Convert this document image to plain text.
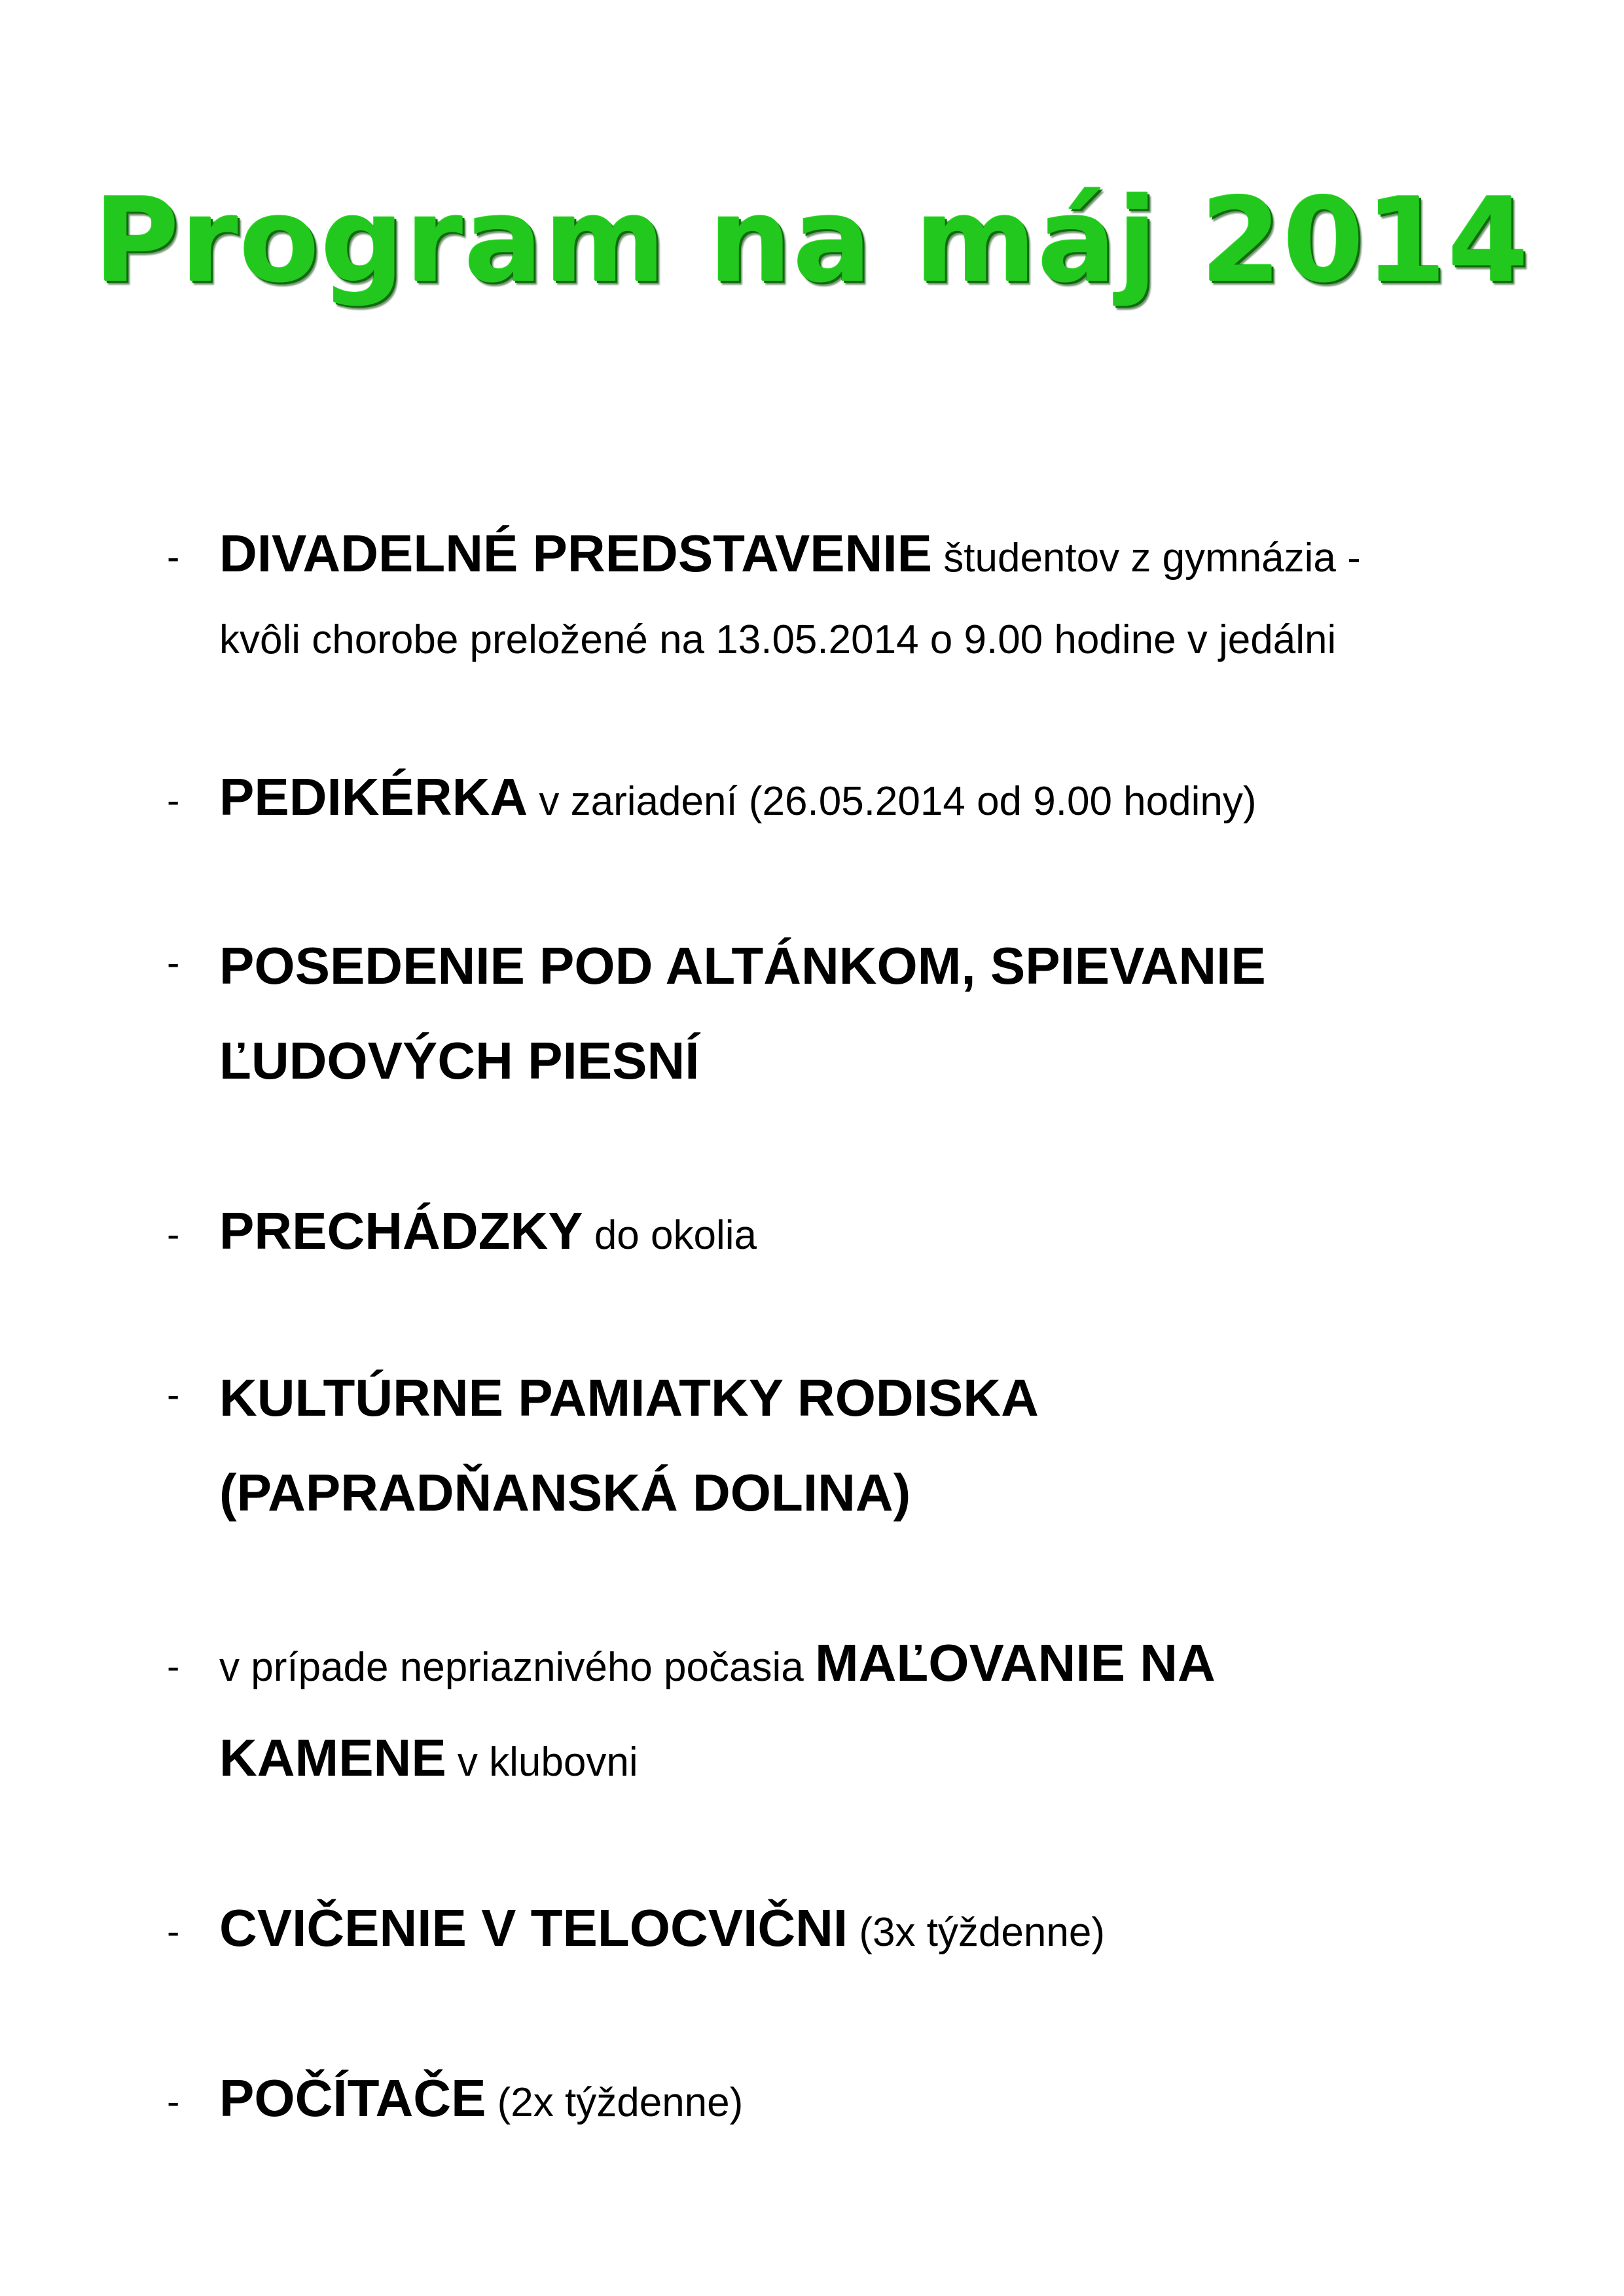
Program na máj 2014
- DIVADELNÉ PREDSTAVENIE študentov z gymnázia -
kvôli chorobe preložené na 13.05.2014 o 9.00 hodine v jedálni
- PEDIKÉRKA v zariadení (26.05.2014 od 9.00 hodiny)
- POSEDENIE POD ALTÁNKOM, SPIEVANIE
ĽUDOVÝCH PIESNÍ
- PRECHÁDZKY do okolia
- KULTÚRNE PAMIATKY RODISKA
(PAPRADŇANSKÁ DOLINA)
- v prípade nepriaznivého počasia MAĽOVANIE NA
KAMENE v klubovni
- CVIČENIE V TELOCVIČNI (3x týždenne)
- POČÍTAČE (2x týždenne)
